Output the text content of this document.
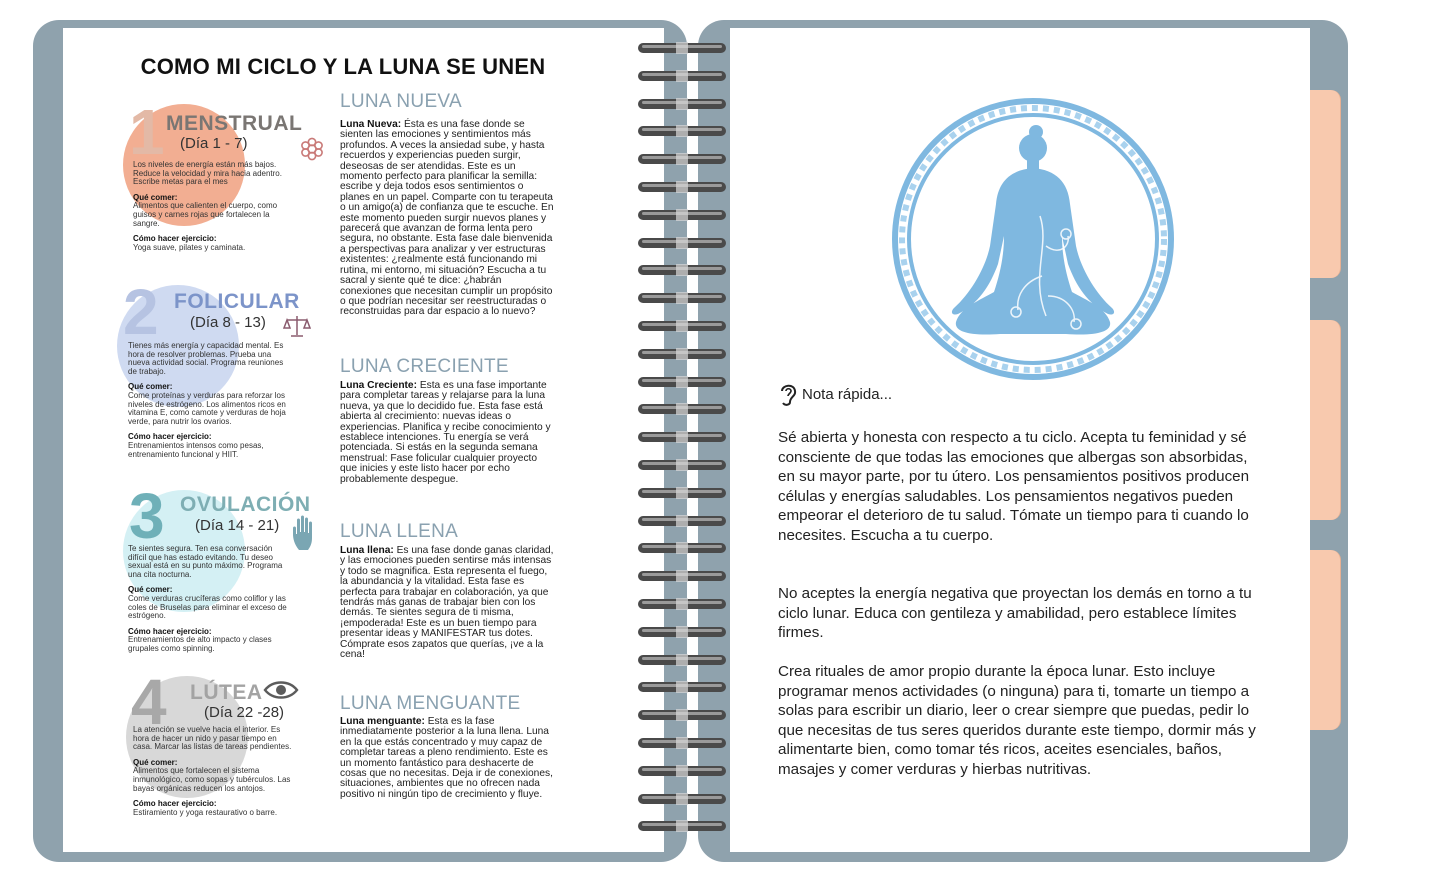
COMO MI CICLO Y LA LUNA SE UNEN
1 MENSTRUAL
(Día 1 - 7)

Los niveles de energía están más bajos. Reduce la velocidad y mira hacia adentro. Escribe metas para el mes

Qué comer:
Alimentos que calienten el cuerpo, como guisos y carnes rojas que fortalecen la sangre.

Cómo hacer ejercicio:
Yoga suave, pilates y caminata.

2 FOLICULAR
(Día 8 - 13)

Tienes más energía y capacidad mental. Es hora de resolver problemas. Prueba una nueva actividad social. Programa reuniones de trabajo.

Qué comer:
Come proteínas y verduras para reforzar los niveles de estrógeno. Los alimentos ricos en vitamina E, como camote y verduras de hoja verde, para nutrir los ovarios.

Cómo hacer ejercicio:
Entrenamientos intensos como pesas, entrenamiento funcional y HIIT.

3 OVULACIÓN
(Día 14 - 21)

Te sientes segura. Ten esa conversación difícil que has estado evitando. Tu deseo sexual está en su punto máximo. Programa una cita nocturna.

Qué comer:
Come verduras crucíferas como coliflor y las coles de Bruselas para eliminar el exceso de estrógeno.

Cómo hacer ejercicio:
Entrenamientos de alto impacto y clases grupales como spinning.

4 LÚTEA
(Día 22 -28)

La atención se vuelve hacia el interior. Es hora de hacer un nido y pasar tiempo en casa. Marcar las listas de tareas pendientes.

Qué comer:
Alimentos que fortalecen el sistema inmunológico, como sopas y tubérculos. Las bayas orgánicas reducen los antojos.

Cómo hacer ejercicio:
Estiramiento y yoga restaurativo o barre.

LUNA NUEVA
Luna Nueva: Ésta es una fase donde se sienten las emociones y sentimientos más profundos. A veces la ansiedad sube, y hasta recuerdos y experiencias pueden surgir, deseosas de ser atendidas. Este es un momento perfecto para planificar la semilla: escribe y deja todos esos sentimientos o planes en un papel. Comparte con tu terapeuta o un amigo(a) de confianza que te escuche. En este momento pueden surgir nuevos planes y parecerá que avanzan de forma lenta pero segura, no obstante. Esta fase dale bienvenida a perspectivas para analizar y ver estructuras existentes: ¿realmente está funcionando mi rutina, mi entorno, mi situación? Escucha a tu sacral y siente qué te dice: ¿habrán conexiones que necesitan cumplir un propósito o que podrían necesitar ser reestructuradas o reconstruidas para dar espacio a lo nuevo?
LUNA CRECIENTE
Luna Creciente: Esta es una fase importante para completar tareas y relajarse para la luna nueva, ya que lo decidido fue. Esta fase está abierta al crecimiento: nuevas ideas o experiencias. Planifica y recibe conocimiento y establece intenciones. Tu energía se verá potenciada. Si estás en la segunda semana menstrual: Fase folicular cualquier proyecto que inicies y este listo hacer por echo probablemente despegue.
LUNA LLENA
Luna llena: Es una fase donde ganas claridad, y las emociones pueden sentirse más intensas y todo se magnifica. Esta representa el fuego, la abundancia y la vitalidad. Esta fase es perfecta para trabajar en colaboración, ya que tendrás más ganas de trabajar bien con los demás. Te sientes segura de ti misma, ¡empoderada! Este es un buen tiempo para presentar ideas y MANIFESTAR tus dotes. Cómprate esos zapatos que querías, ¡ve a la cena!
LUNA MENGUANTE
Luna menguante: Esta es la fase inmediatamente posterior a la luna llena. Luna en la que estás concentrado y muy capaz de completar tareas a pleno rendimiento. Este es un momento fantástico para deshacerte de cosas que no necesitas. Deja ir de conexiones, situaciones, ambientes que no ofrecen nada positivo ni ningún tipo de crecimiento y fluye.
Nota rápida...
Sé abierta y honesta con respecto a tu ciclo. Acepta tu feminidad y sé consciente de que todas las emociones que albergas son absorbidas, en su mayor parte, por tu útero. Los pensamientos positivos producen células y energías saludables. Los pensamientos negativos pueden empeorar el deterioro de tu salud. Tómate un tiempo para ti cuando lo necesites. Escucha a tu cuerpo.
No aceptes la energía negativa que proyectan los demás en torno a tu ciclo lunar. Educa con gentileza y amabilidad, pero establece límites firmes.
Crea rituales de amor propio durante la época lunar. Esto incluye programar menos actividades (o ninguna) para ti, tomarte un tiempo a solas para escribir un diario, leer o crear siempre que puedas, pedir lo que necesitas de tus seres queridos durante este tiempo, dormir más y alimentarte bien, como tomar tés ricos, aceites esenciales, baños, masajes y comer verduras y hierbas nutritivas.
